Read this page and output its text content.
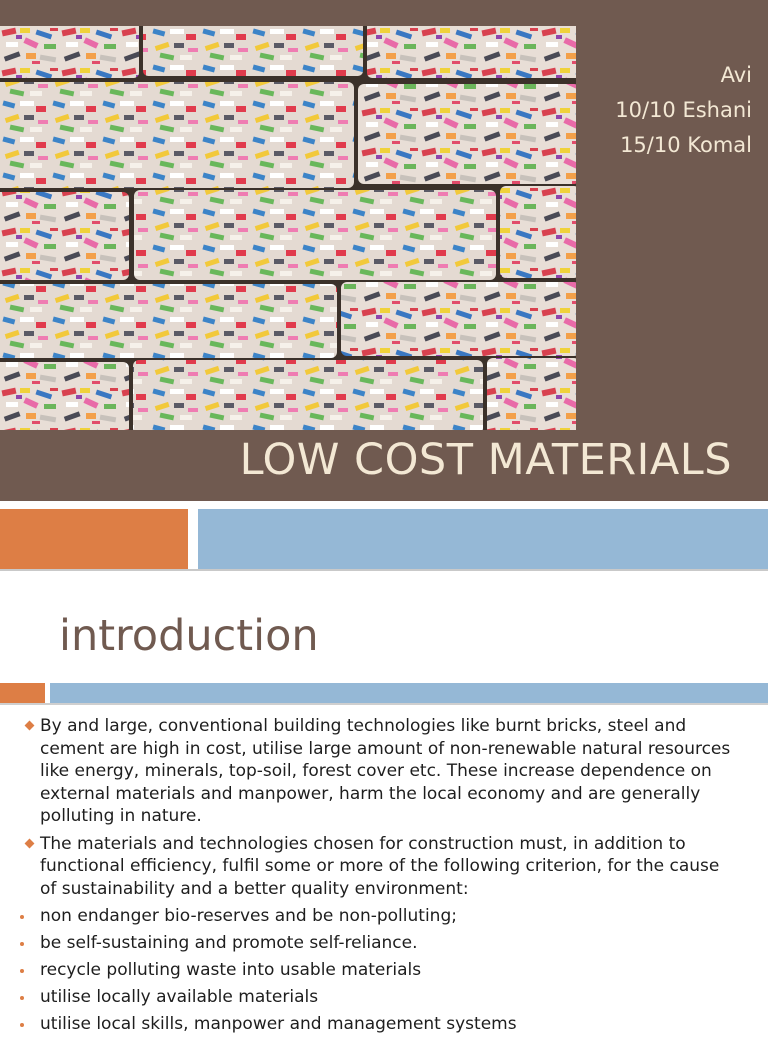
Avi
10/10 Eshani
15/10 Komal
LOW COST MATERIALS
introduction
By and large, conventional building technologies like burnt bricks, steel and cement are high in cost, utilise large amount of non-renewable natural resources like energy, minerals, top-soil, forest cover etc. These increase dependence on external materials and manpower, harm the local economy and are generally polluting in nature.
The materials and technologies chosen for construction must, in addition to functional efficiency, fulfil some or more of the following criterion, for the cause of sustainability and a better quality environment:
non endanger bio-reserves and be non-polluting;
be self-sustaining and promote self-reliance.
recycle polluting waste into usable materials
utilise locally available materials
utilise local skills, manpower and management systems
